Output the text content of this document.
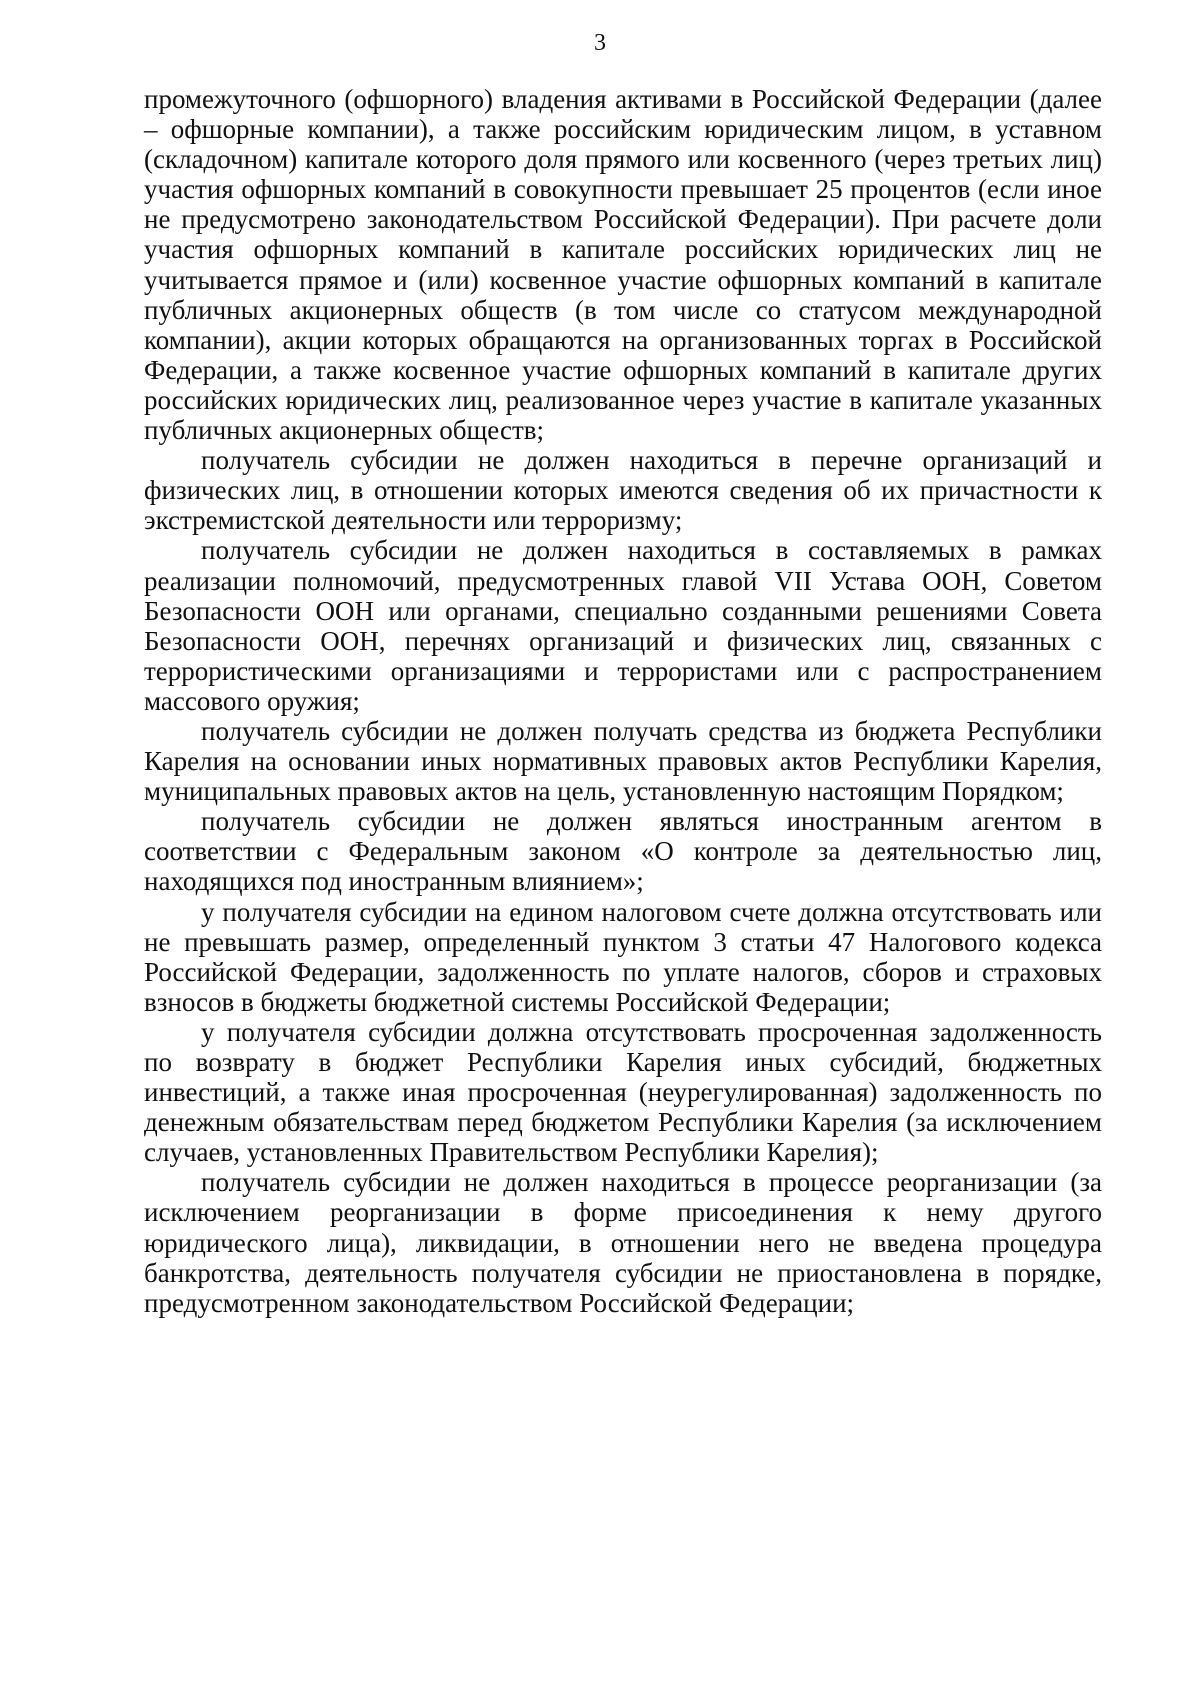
3

промежуточного (офшорного) владения активами в Российской Федерации (далее – офшорные компании), а также российским юридическим лицом, в уставном (складочном) капитале которого доля прямого или косвенного (через третьих лиц) участия офшорных компаний в совокупности превышает 25 процентов (если иное не предусмотрено законодательством Российской Федерации). При расчете доли участия офшорных компаний в капитале российских юридических лиц не учитывается прямое и (или) косвенное участие офшорных компаний в капитале публичных акционерных обществ (в том числе со статусом международной компании), акции которых обращаются на организованных торгах в Российской Федерации, а также косвенное участие офшорных компаний в капитале других российских юридических лиц, реализованное через участие в капитале указанных публичных акционерных обществ;

получатель субсидии не должен находиться в перечне организаций и физических лиц, в отношении которых имеются сведения об их причастности к экстремистской деятельности или терроризму;

получатель субсидии не должен находиться в составляемых в рамках реализации полномочий, предусмотренных главой VII Устава ООН, Советом Безопасности ООН или органами, специально созданными решениями Совета Безопасности ООН, перечнях организаций и физических лиц, связанных с террористическими организациями и террористами или с распространением массового оружия;

получатель субсидии не должен получать средства из бюджета Республики Карелия на основании иных нормативных правовых актов Республики Карелия, муниципальных правовых актов на цель, установленную настоящим Порядком;

получатель субсидии не должен являться иностранным агентом в соответствии с Федеральным законом «О контроле за деятельностью лиц, находящихся под иностранным влиянием»;

у получателя субсидии на едином налоговом счете должна отсутствовать или не превышать размер, определенный пунктом 3 статьи 47 Налогового кодекса Российской Федерации, задолженность по уплате налогов, сборов и страховых взносов в бюджеты бюджетной системы Российской Федерации;

у получателя субсидии должна отсутствовать просроченная задолженность по возврату в бюджет Республики Карелия иных субсидий, бюджетных инвестиций, а также иная просроченная (неурегулированная) задолженность по денежным обязательствам перед бюджетом Республики Карелия (за исключением случаев, установленных Правительством Республики Карелия);

получатель субсидии не должен находиться в процессе реорганизации (за исключением реорганизации в форме присоединения к нему другого юридического лица), ликвидации, в отношении него не введена процедура банкротства, деятельность получателя субсидии не приостановлена в порядке, предусмотренном законодательством Российской Федерации;
